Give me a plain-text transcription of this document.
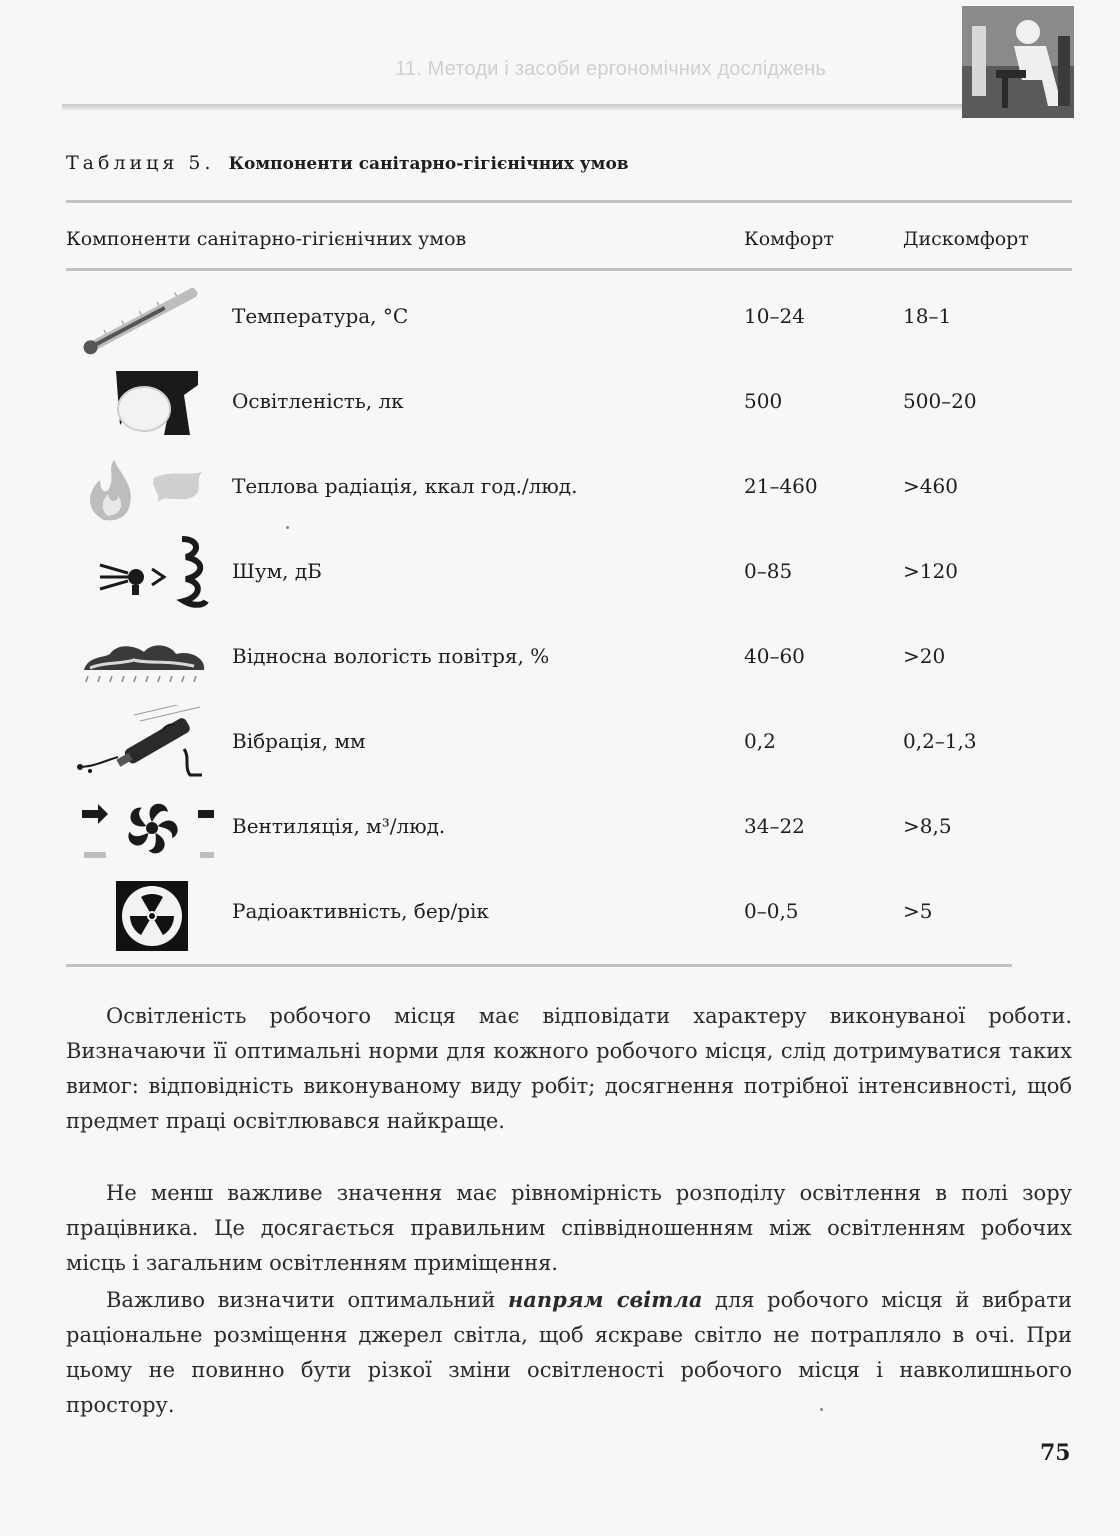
11. Методи і засоби ергономічних досліджень
Таблиця 5. Компоненти санітарно-гігієнічних умов
Компоненти санітарно-гігієнічних умов	Комфорт	Дискомфорт
Температура, °С	10–24	18–1
Освітленість, лк	500	500–20
Теплова радіація, ккал год./люд.	21–460	>460
Шум, дБ	0–85	>120
Відносна вологість повітря, %	40–60	>20
Вібрація, мм	0,2	0,2–1,3
Вентиляція, м³/люд.	34–22	>8,5
Радіоактивність, бер/рік	0–0,5	>5

Освітленість робочого місця має відповідати характеру виконуваної роботи. Визначаючи її оптимальні норми для кожного робочого місця, слід дотримуватися таких вимог: відповідність виконуваному виду робіт; досягнення потрібної інтенсивності, щоб предмет праці освітлювався найкраще.

Не менш важливе значення має рівномірність розподілу освітлення в полі зору працівника. Це досягається правильним співвідношенням між освітленням робочих місць і загальним освітленням приміщення.

Важливо визначити оптимальний напрям світла для робочого місця й вибрати раціональне розміщення джерел світла, щоб яскраве світло не потрапляло в очі. При цьому не повинно бути різкої зміни освітленості робочого місця і навколишнього простору.

75
